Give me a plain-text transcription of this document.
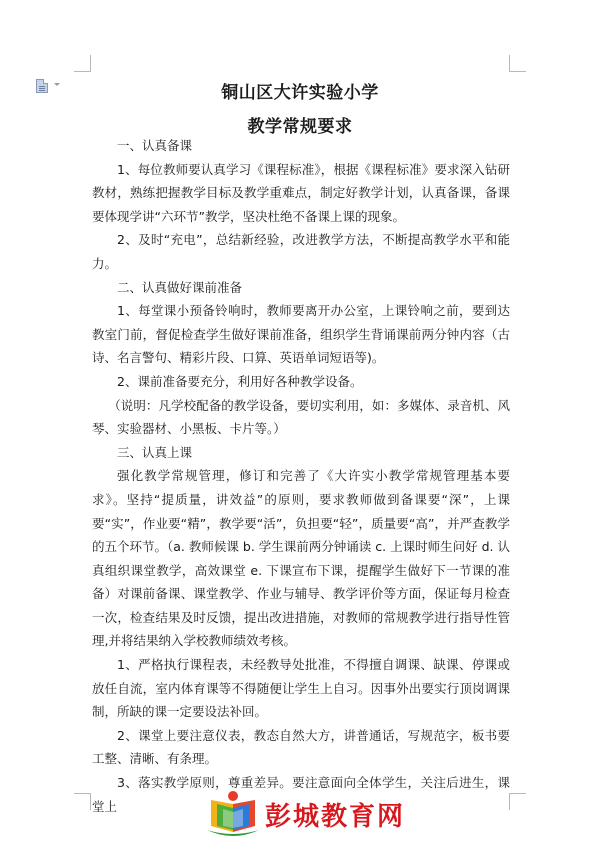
铜山区大许实验小学
教学常规要求

一、认真备课

1、每位教师要认真学习《课程标准》，根据《课程标准》要求深入钻研教材，熟练把握教学目标及教学重难点，制定好教学计划，认真备课，备课要体现学讲“六环节”教学，坚决杜绝不备课上课的现象。

2、及时“充电”，总结新经验，改进教学方法，不断提高教学水平和能力。

二、认真做好课前准备

1、每堂课小预备铃响时，教师要离开办公室，上课铃响之前，要到达教室门前，督促检查学生做好课前准备，组织学生背诵课前两分钟内容（古诗、名言警句、精彩片段、口算、英语单词短语等)。

2、课前准备要充分，利用好各种教学设备。

（说明：凡学校配备的教学设备，要切实利用，如：多媒体、录音机、风琴、实验器材、小黑板、卡片等。）

三、认真上课

强化教学常规管理，修订和完善了《大许实小教学常规管理基本要求》。坚持“提质量，讲效益”的原则，要求教师做到备课要“深”，上课要“实”，作业要“精”，教学要“活”，负担要“轻”，质量要“高”，并严查教学的五个环节。（a. 教师候课 b. 学生课前两分钟诵读 c. 上课时师生问好 d. 认真组织课堂教学，高效课堂 e. 下课宣布下课，提醒学生做好下一节课的准备）对课前备课、课堂教学、作业与辅导、教学评价等方面，保证每月检查一次，检查结果及时反馈，提出改进措施，对教师的常规教学进行指导性管理,并将结果纳入学校教师绩效考核。

1、严格执行课程表，未经教导处批准，不得擅自调课、缺课、停课或放任自流，室内体育课等不得随便让学生上自习。因事外出要实行顶岗调课制，所缺的课一定要设法补回。

2、课堂上要注意仪表，教态自然大方，讲普通话，写规范字，板书要工整、清晰、有条理。

3、落实教学原则，尊重差异。要注意面向全体学生，关注后进生，课堂上	彭城教育网
